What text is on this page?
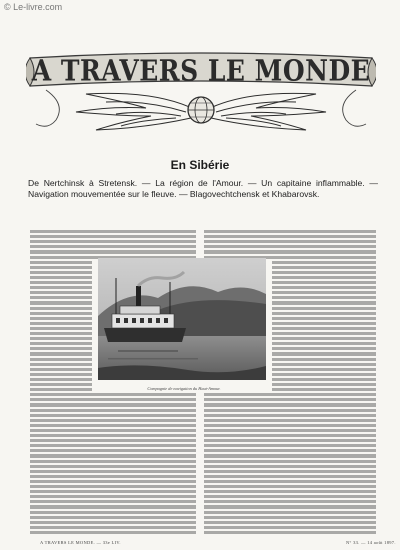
© Le-livre.com
A TRAVERS LE MONDE
En Sibérie
De Nertchinsk à Stretensk. — La région de l'Amour. — Un capitaine inflammable. — Navigation mouvementée sur le fleuve. — Blagovechtchensk et Khabarovsk.
Compagnie de navigation du Haut-Amour.
A TRAVERS LE MONDE. — 33e LIV.	N° 33. — 14 août 1897.
